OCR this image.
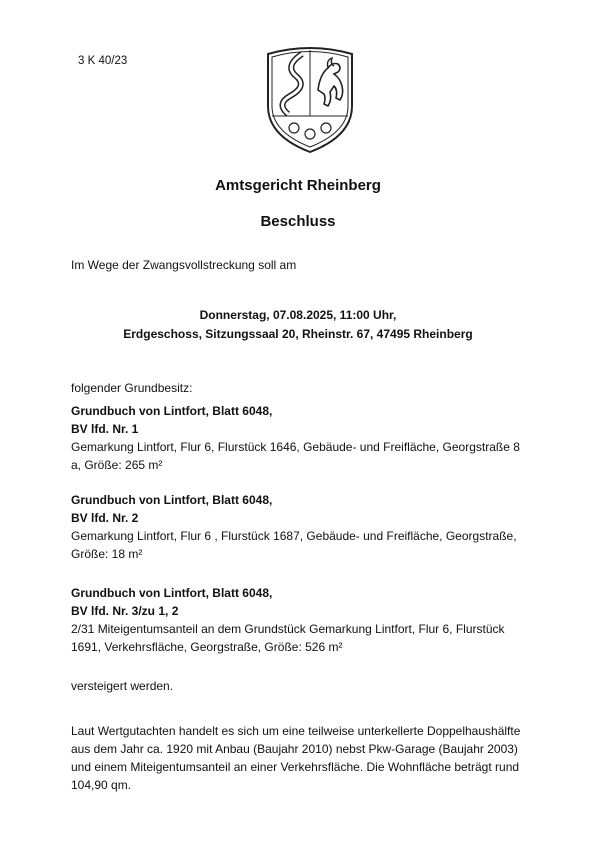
3 K 40/23
Amtsgericht Rheinberg
Beschluss
Im Wege der Zwangsvollstreckung soll am
Donnerstag, 07.08.2025, 11:00 Uhr,
Erdgeschoss, Sitzungssaal 20, Rheinstr. 67, 47495 Rheinberg
folgender Grundbesitz:
Grundbuch von Lintfort, Blatt 6048,
BV lfd. Nr. 1
Gemarkung Lintfort, Flur 6, Flurstück 1646, Gebäude- und Freifläche, Georgstraße 8
a, Größe: 265 m²
Grundbuch von Lintfort, Blatt 6048,
BV lfd. Nr. 2
Gemarkung Lintfort, Flur 6 , Flurstück 1687, Gebäude- und Freifläche, Georgstraße,
Größe: 18 m²
Grundbuch von Lintfort, Blatt 6048,
BV lfd. Nr. 3/zu 1, 2
2/31 Miteigentumsanteil an dem Grundstück Gemarkung Lintfort, Flur 6, Flurstück
1691, Verkehrsfläche, Georgstraße, Größe: 526 m²
versteigert werden.
Laut Wertgutachten handelt es sich um eine teilweise unterkellerte Doppelhaushälfte
aus dem Jahr ca. 1920 mit Anbau (Baujahr 2010) nebst Pkw-Garage (Baujahr 2003)
und einem Miteigentumsanteil an einer Verkehrsfläche. Die Wohnfläche beträgt rund
104,90 qm.
